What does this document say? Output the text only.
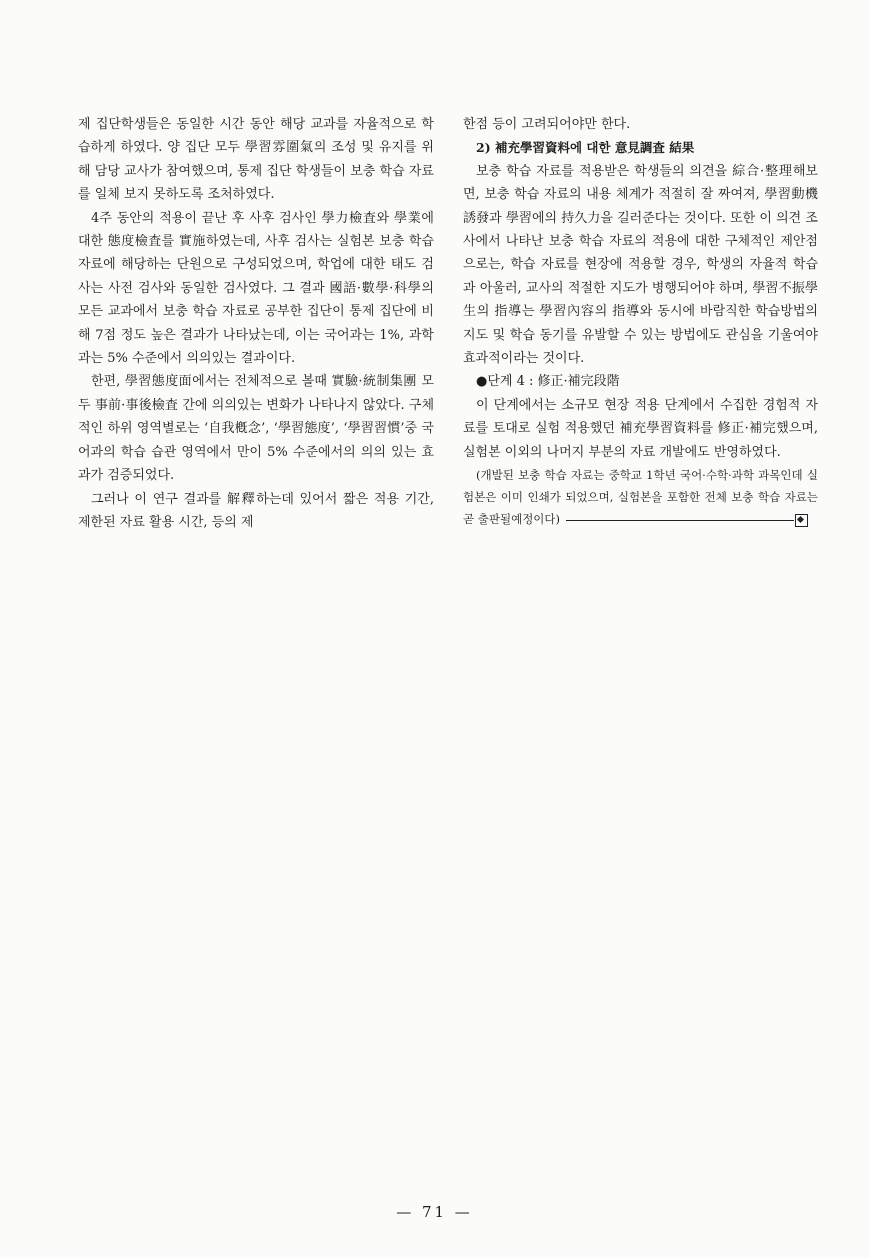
제 집단학생들은 동일한 시간 동안 해당 교과를 자율적으로 학습하게 하였다. 양 집단 모두 學習雰圍氣의 조성 및 유지를 위해 담당 교사가 참여했으며, 통제 집단 학생들이 보충 학습 자료를 일체 보지 못하도록 조처하였다.

4주 동안의 적용이 끝난 후 사후 검사인 學力檢査와 學業에 대한 態度檢査를 實施하였는데, 사후 검사는 실험본 보충 학습 자료에 해당하는 단원으로 구성되었으며, 학업에 대한 태도 검사는 사전 검사와 동일한 검사였다. 그 결과 國語·數學·科學의 모든 교과에서 보충 학습 자료로 공부한 집단이 통제 집단에 비해 7점 정도 높은 결과가 나타났는데, 이는 국어과는 1%, 과학과는 5% 수준에서 의의있는 결과이다.

한편, 學習態度面에서는 전체적으로 볼때 實驗·統制集團 모두 事前·事後檢査 간에 의의있는 변화가 나타나지 않았다. 구체적인 하위 영역별로는 ‘自我槪念’, ‘學習態度’, ‘學習習慣’중 국어과의 학습 습관 영역에서 만이 5% 수준에서의 의의 있는 효과가 검증되었다.

그러나 이 연구 결과를 解釋하는데 있어서 짧은 적용 기간, 제한된 자료 활용 시간, 등의 제

한점 등이 고려되어야만 한다.

2) 補充學習資料에 대한 意見調査 結果

보충 학습 자료를 적용받은 학생들의 의견을 綜合·整理해보면, 보충 학습 자료의 내용 체계가 적절히 잘 짜여져, 學習動機 誘發과 學習에의 持久力을 길러준다는 것이다. 또한 이 의견 조사에서 나타난 보충 학습 자료의 적용에 대한 구체적인 제안점으로는, 학습 자료를 현장에 적용할 경우, 학생의 자율적 학습과 아울러, 교사의 적절한 지도가 병행되어야 하며, 學習不振學生의 指導는 學習內容의 指導와 동시에 바람직한 학습방법의 지도 및 학습 동기를 유발할 수 있는 방법에도 관심을 기울여야 효과적이라는 것이다.

●단계 4 : 修正·補完段階

이 단계에서는 소규모 현장 적용 단계에서 수집한 경험적 자료를 토대로 실험 적용했던 補充學習資料를 修正·補完했으며, 실험본 이외의 나머지 부분의 자료 개발에도 반영하였다.

(개발된 보충 학습 자료는 중학교 1학년 국어·수학·과학 과목인데 실험본은 이미 인쇄가 되었으며, 실험본을 포함한 전체 보충 학습 자료는 곧 출판될예정이다)

— 71 —
